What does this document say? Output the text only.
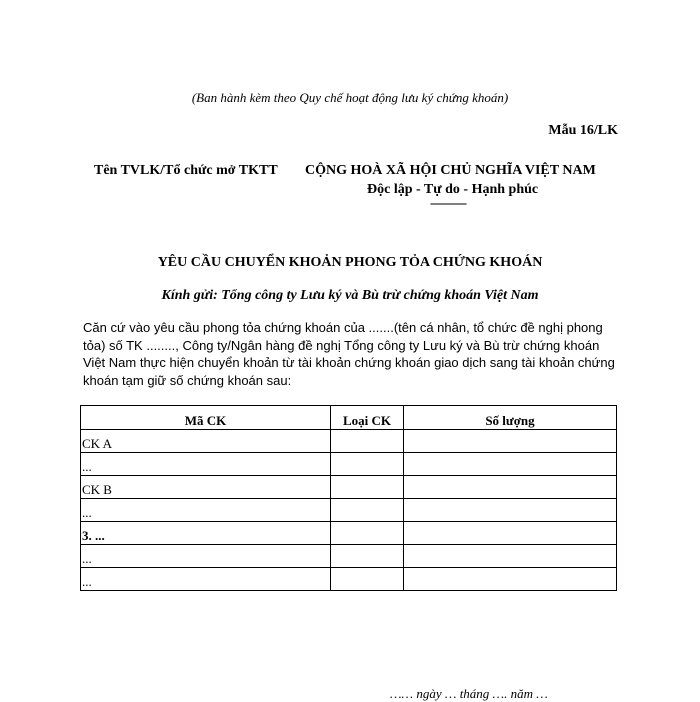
(Ban hành kèm theo Quy chế hoạt động lưu ký chứng khoán)
Mẫu 16/LK
Tên TVLK/Tổ chức mở TKTT CỘNG HOÀ XÃ HỘI CHỦ NGHĨA VIỆT NAM
Độc lập - Tự do - Hạnh phúc
------------
YÊU CẦU CHUYỂN KHOẢN PHONG TỎA CHỨNG KHOÁN
Kính gửi: Tổng công ty Lưu ký và Bù trừ chứng khoán Việt Nam
Căn cứ vào yêu cầu phong tỏa chứng khoán của .......(tên cá nhân, tổ chức đề nghị phong tỏa) số TK ........, Công ty/Ngân hàng đề nghị Tổng công ty Lưu ký và Bù trừ chứng khoán Việt Nam thực hiện chuyển khoản từ tài khoản chứng khoán giao dịch sang tài khoản chứng khoán tạm giữ số chứng khoán sau:
Mã CK	Loại CK	Số lượng
CK A		
...		
CK B		
...		
3. ...		
...		
...		
…… ngày … tháng …. năm …
